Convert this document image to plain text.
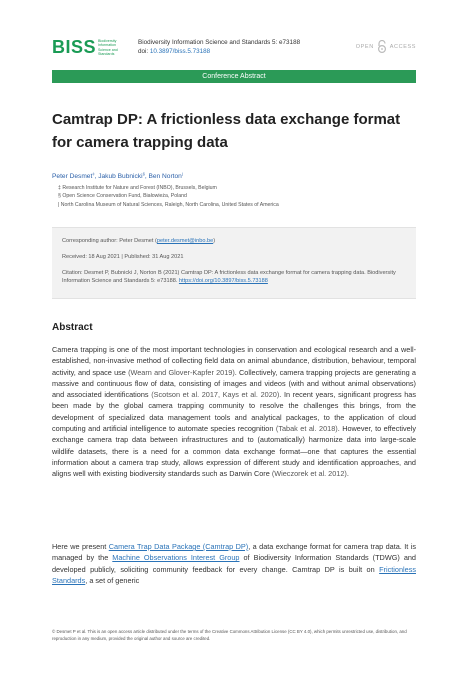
BISS Biodiversity
Information
Science and
Standards
Biodiversity Information Science and Standards 5: e73188
doi: 10.3897/biss.5.73188
OPEN	ACCESS
Conference Abstract
Camtrap DP: A frictionless data exchange format for camera trapping data
Peter Desmet‡, Jakub Bubnicki§, Ben Norton|
‡ Research Institute for Nature and Forest (INBO), Brussels, Belgium
§ Open Science Conservation Fund, Białowieża, Poland
| North Carolina Museum of Natural Sciences, Raleigh, North Carolina, United States of America
Corresponding author: Peter Desmet (peter.desmet@inbo.be)
Received: 18 Aug 2021 | Published: 31 Aug 2021
Citation: Desmet P, Bubnicki J, Norton B (2021) Camtrap DP: A frictionless data exchange format for camera trapping data. Biodiversity Information Science and Standards 5: e73188. https://doi.org/10.3897/biss.5.73188
Abstract
Camera trapping is one of the most important technologies in conservation and ecological research and a well-established, non-invasive method of collecting field data on animal abundance, distribution, behaviour, temporal activity, and space use (Wearn and Glover-Kapfer 2019). Collectively, camera trapping projects are generating a massive and continuous flow of data, consisting of images and videos (with and without animal observations) and associated identifications (Scotson et al. 2017, Kays et al. 2020). In recent years, significant progress has been made by the global camera trapping community to resolve the challenges this brings, from the development of specialized data management tools and analytical packages, to the application of cloud computing and artificial intelligence to automate species recognition (Tabak et al. 2018). However, to effectively exchange camera trap data between infrastructures and to (automatically) harmonize data into large-scale wildlife datasets, there is a need for a common data exchange format—one that captures the essential information about a camera trap study, allows expression of different study and identification approaches, and aligns well with existing biodiversity standards such as Darwin Core (Wieczorek et al. 2012).
Here we present Camera Trap Data Package (Camtrap DP), a data exchange format for camera trap data. It is managed by the Machine Observations Interest Group of Biodiversity Information Standards (TDWG) and developed publicly, soliciting community feedback for every change. Camtrap DP is built on Frictionless Standards, a set of generic
© Desmet P et al. This is an open access article distributed under the terms of the Creative Commons Attribution License (CC BY 4.0), which permits unrestricted use, distribution, and reproduction in any medium, provided the original author and source are credited.
